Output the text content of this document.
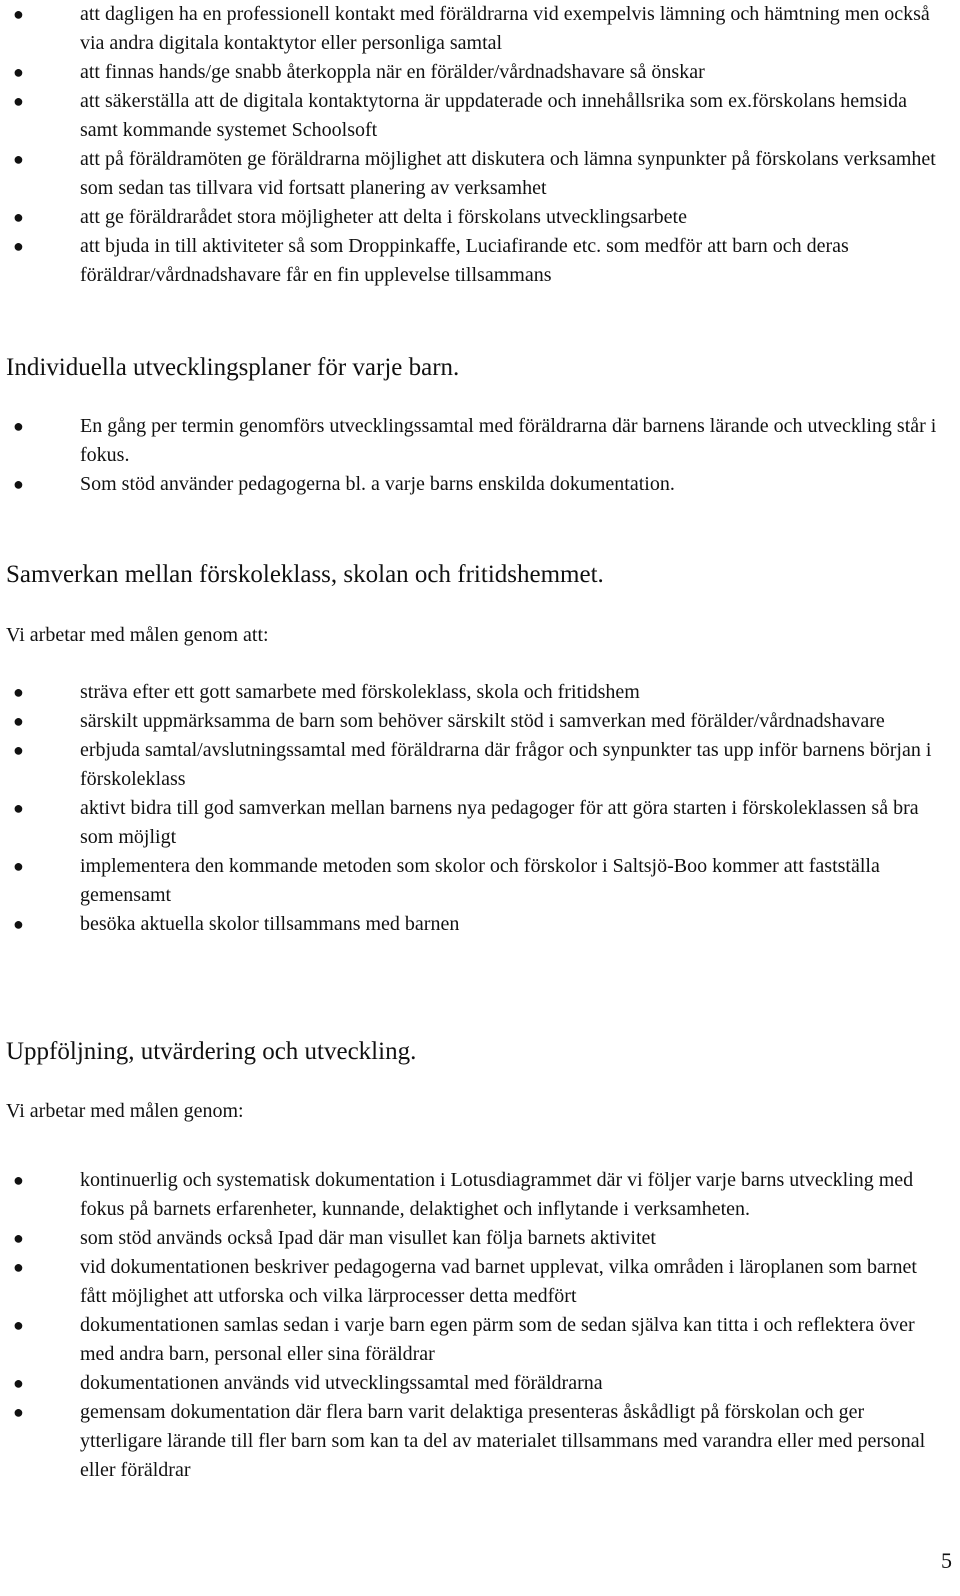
●	att dagligen ha en professionell kontakt med föräldrarna vid exempelvis lämning och hämtning men också via andra digitala kontaktytor eller personliga samtal
●	att finnas hands/ge snabb återkoppla när en förälder/vårdnadshavare så önskar
●	att säkerställa att de digitala kontaktytorna är uppdaterade och innehållsrika som ex.förskolans hemsida samt kommande systemet Schoolsoft
●	att på föräldramöten ge föräldrarna möjlighet att diskutera och lämna synpunkter på förskolans verksamhet som sedan tas tillvara vid fortsatt planering av verksamhet
●	att ge föräldrarådet stora möjligheter att delta i förskolans utvecklingsarbete
●	att bjuda in till aktiviteter så som Droppinkaffe, Luciafirande etc. som medför att barn och deras föräldrar/vårdnadshavare får en fin upplevelse tillsammans
Individuella utvecklingsplaner för varje barn.
●	En gång per termin genomförs utvecklingssamtal med föräldrarna där barnens lärande och utveckling står i fokus.
●	Som stöd använder pedagogerna bl. a varje barns enskilda dokumentation.
Samverkan mellan förskoleklass, skolan och fritidshemmet.
Vi arbetar med målen genom att:
●	sträva efter ett gott samarbete med förskoleklass, skola och fritidshem
●	särskilt uppmärksamma de barn som behöver särskilt stöd i samverkan med förälder/vårdnadshavare
●	erbjuda samtal/avslutningssamtal med föräldrarna där frågor och synpunkter tas upp inför barnens början i förskoleklass
●	aktivt bidra till god samverkan mellan barnens nya pedagoger för att göra starten i förskoleklassen så bra som möjligt
●	implementera den kommande metoden som skolor och förskolor i Saltsjö-Boo kommer att fastställa gemensamt
●	besöka aktuella skolor tillsammans med barnen
Uppföljning, utvärdering och utveckling.
Vi arbetar med målen genom:
●	kontinuerlig och systematisk dokumentation i Lotusdiagrammet där vi följer varje barns utveckling med fokus på barnets erfarenheter, kunnande, delaktighet och inflytande i verksamheten.
●	som stöd används också Ipad där man visullet kan följa barnets aktivitet
●	vid dokumentationen beskriver pedagogerna vad barnet upplevat, vilka områden i läroplanen som barnet fått möjlighet att utforska och vilka lärprocesser detta medfört
●	dokumentationen samlas sedan i varje barn egen pärm som de sedan själva kan titta i och reflektera över med andra barn, personal eller sina föräldrar
●	dokumentationen används vid utvecklingssamtal med föräldrarna
●	gemensam dokumentation där flera barn varit delaktiga presenteras åskådligt på förskolan och ger ytterligare lärande till fler barn som kan ta del av materialet tillsammans med varandra eller med personal eller föräldrar
5
